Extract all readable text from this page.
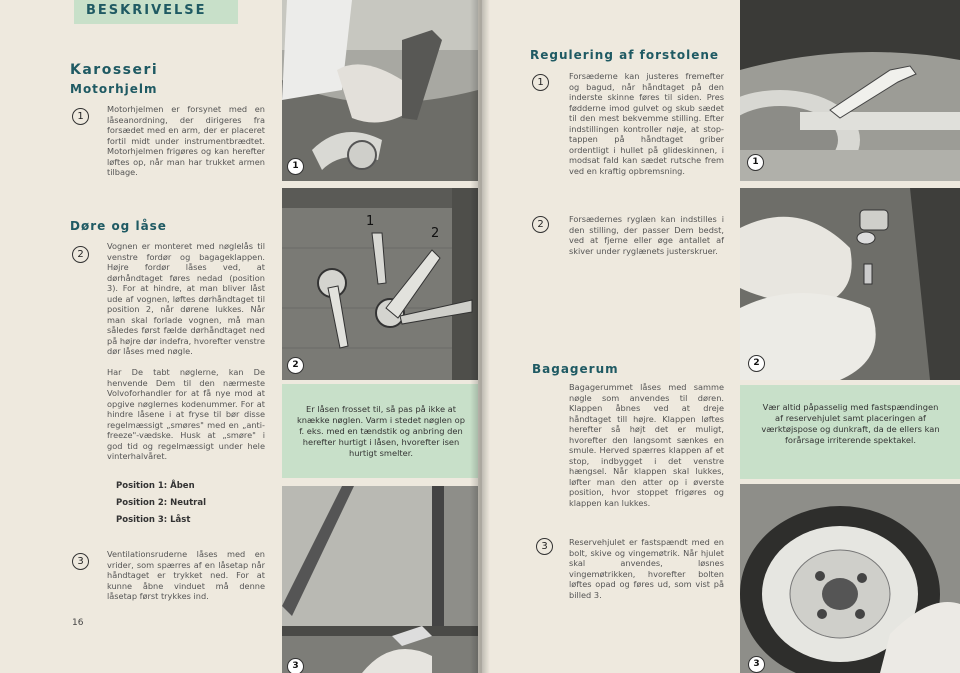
BESKRIVELSE
Karosseri
Motorhjelm
1
Motorhjelmen er forsynet med en låseanordning, der dirigeres fra forsædet med en arm, der er placeret fortil midt under instrumentbrædtet. Motorhjelmen frigøres og kan herefter løftes op, når man har trukket armen tilbage.
Døre og låse
2
Vognen er monteret med nøglelås til venstre fordør og bagageklappen. Højre fordør låses ved, at dørhåndtaget føres nedad (position 3). For at hindre, at man bliver låst ude af vognen, løftes dørhåndtaget til position 2, når dørene lukkes. Når man skal forlade vognen, må man således først fælde dørhåndtaget ned på højre dør indefra, hvorefter venstre dør låses med nøgle.
Har De tabt nøglerne, kan De henvende Dem til den nærmeste Volvoforhandler for at få nye mod at opgive nøglernes kodenummer. For at hindre låsene i at fryse til bør disse regelmæssigt „smøres" med en „anti-freeze"-vædske. Husk at „smøre" i god tid og regelmæssigt under hele vinterhalvåret.
Position 1: Åben
Position 2: Neutral
Position 3: Låst
3
Ventilationsruderne låses med en vrider, som spærres af en låsetap når håndtaget er trykket ned. For at kunne åbne vinduet må denne låsetap først trykkes ind.
16
1
1
2
2
Er låsen frosset til, så pas på ikke at knække nøglen. Varm i stedet nøglen op f. eks. med en tændstik og anbring den herefter hurtigt i låsen, hvorefter isen hurtigt smelter.
3
Regulering af forstolene
1
Forsæderne kan justeres fremefter og bagud, når håndtaget på den inderste skinne føres til siden. Pres fødderne imod gulvet og skub sædet til den mest bekvemme stilling. Efter indstillingen kontroller nøje, at stop-tappen på håndtaget griber ordentligt i hullet på glideskinnen, i modsat fald kan sædet rutsche frem ved en kraftig opbremsning.
2	Forsædernes ryglæn kan indstilles i den stilling, der passer Dem bedst, ved at fjerne eller øge antallet af skiver under ryglænets justerskruer.
Bagagerum
Bagagerummet låses med samme nøgle som anvendes til døren. Klappen åbnes ved at dreje håndtaget till højre. Klappen løftes herefter så højt det er muligt, hvorefter den langsomt sænkes en smule. Herved spærres klappen af et stop, indbygget i det venstre hængsel. Når klappen skal lukkes, løfter man den atter op i øverste position, hvor stoppet frigøres og klappen kan lukkes.
3	Reservehjulet er fastspændt med en bolt, skive og vingemøtrik. Når hjulet skal anvendes, løsnes vingemøtrikken, hvorefter bolten løftes opad og føres ud, som vist på billed 3.
1
2
Vær altid påpasselig med fastspændingen af reservehjulet samt placeringen af værktøjspose og dunkraft, da de ellers kan forårsage irriterende spektakel.
3
